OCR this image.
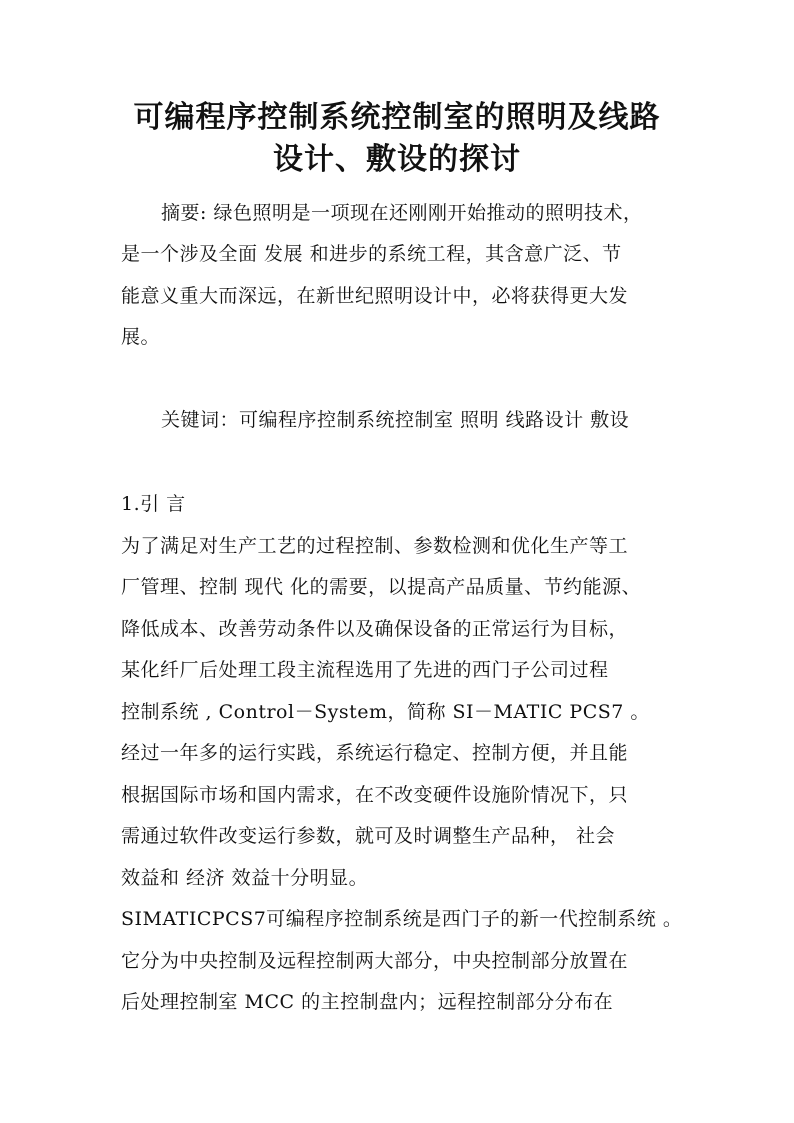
可编程序控制系统控制室的照明及线路
设计、敷设的探讨
摘要: 绿色照明是一项现在还刚刚开始推动的照明技术，
是一个涉及全面 发展 和进步的系统工程，其含意广泛、节
能意义重大而深远，在新世纪照明设计中，必将获得更大发
展。
关键词：可编程序控制系统控制室 照明 线路设计 敷设
1.引 言
为了满足对生产工艺的过程控制、参数检测和优化生产等工
厂管理、控制 现代 化的需要，以提高产品质量、节约能源、
降低成本、改善劳动条件以及确保设备的正常运行为目标，
某化纤厂后处理工段主流程选用了先进的西门子公司过程
控制系统 , Control－System，简称 SI－MATIC PCS7 。
经过一年多的运行实践，系统运行稳定、控制方便，并且能
根据国际市场和国内需求，在不改变硬件设施阶情况下，只
需通过软件改变运行参数，就可及时调整生产品种， 社会
效益和 经济 效益十分明显。
SIMATICPCS7可编程序控制系统是西门子的新一代控制系统 。
它分为中央控制及远程控制两大部分，中央控制部分放置在
后处理控制室 MCC 的主控制盘内；远程控制部分分布在
